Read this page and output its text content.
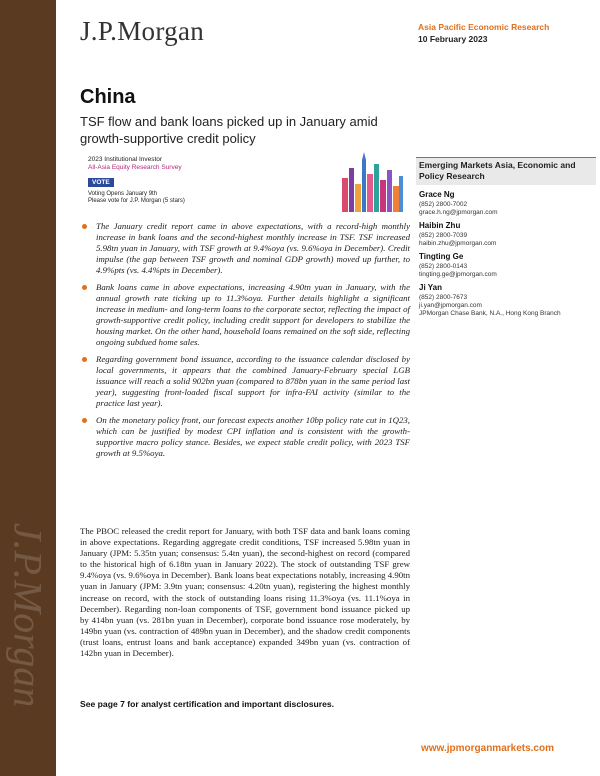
J.P.Morgan
J.P.Morgan	Asia Pacific Economic Research
10 February 2023
China
TSF flow and bank loans picked up in January amid growth-supportive credit policy
2023 Institutional Investor
All-Asia Equity Research Survey
VOTE
Voting Opens January 9th
Please vote for J.P. Morgan (5 stars)
The January credit report came in above expectations, with a record-high monthly increase in bank loans and the second-highest monthly increase in TSF. TSF increased 5.98tn yuan in January, with TSF growth at 9.4%oya (vs. 9.6%oya in December). Credit impulse (the gap between TSF growth and nominal GDP growth) moved up further, to 4.9%pts (vs. 4.4%pts in December).
Bank loans came in above expectations, increasing 4.90tn yuan in January, with the annual growth rate ticking up to 11.3%oya. Further details highlight a significant increase in medium- and long-term loans to the corporate sector, reflecting the impact of growth-supportive credit policy, including credit support for developers to stabilize the housing market. On the other hand, household loans remained on the soft side, reflecting ongoing subdued home sales.
Regarding government bond issuance, according to the issuance calendar disclosed by local governments, it appears that the combined January-February special LGB issuance will reach a solid 902bn yuan (compared to 878bn yuan in the same period last year), suggesting front-loaded fiscal support for infra-FAI activity (similar to the practice last year).
On the monetary policy front, our forecast expects another 10bp policy rate cut in 1Q23, which can be justified by modest CPI inflation and is consistent with the growth-supportive macro policy stance. Besides, we expect stable credit policy, with 2023 TSF growth at 9.5%oya.

The PBOC released the credit report for January, with both TSF data and bank loans coming in above expectations. Regarding aggregate credit conditions, TSF increased 5.98tn yuan in January (JPM: 5.35tn yuan; consensus: 5.4tn yuan), the second-highest on record (compared to the historical high of 6.18tn yuan in January 2022). The stock of outstanding TSF grew 9.4%oya (vs. 9.6%oya in December). Bank loans beat expectations notably, increasing 4.90tn yuan in January (JPM: 3.9tn yuan; consensus: 4.20tn yuan), registering the highest monthly increase on record, with the stock of outstanding loans rising 11.3%oya (vs. 11.1%oya in December). Regarding non-loan components of TSF, government bond issuance picked up by 414bn yuan (vs. 281bn yuan in December), corporate bond issuance rose moderately, by 149bn yuan (vs. contraction of 489bn yuan in December), and the shadow credit components (trust loans, entrust loans and bank acceptance) expanded 349bn yuan (vs. contraction of 142bn yuan in December).

See page 7 for analyst certification and important disclosures.
www.jpmorganmarkets.com
Emerging Markets Asia, Economic and Policy Research
Grace Ng
(852) 2800-7002
grace.h.ng@jpmorgan.com
Haibin Zhu
(852) 2800-7039
haibin.zhu@jpmorgan.com
Tingting Ge
(852) 2800-0143
tingting.ge@jpmorgan.com
Ji Yan
(852) 2800-7673
ji.yan@jpmorgan.com
JPMorgan Chase Bank, N.A., Hong Kong Branch
